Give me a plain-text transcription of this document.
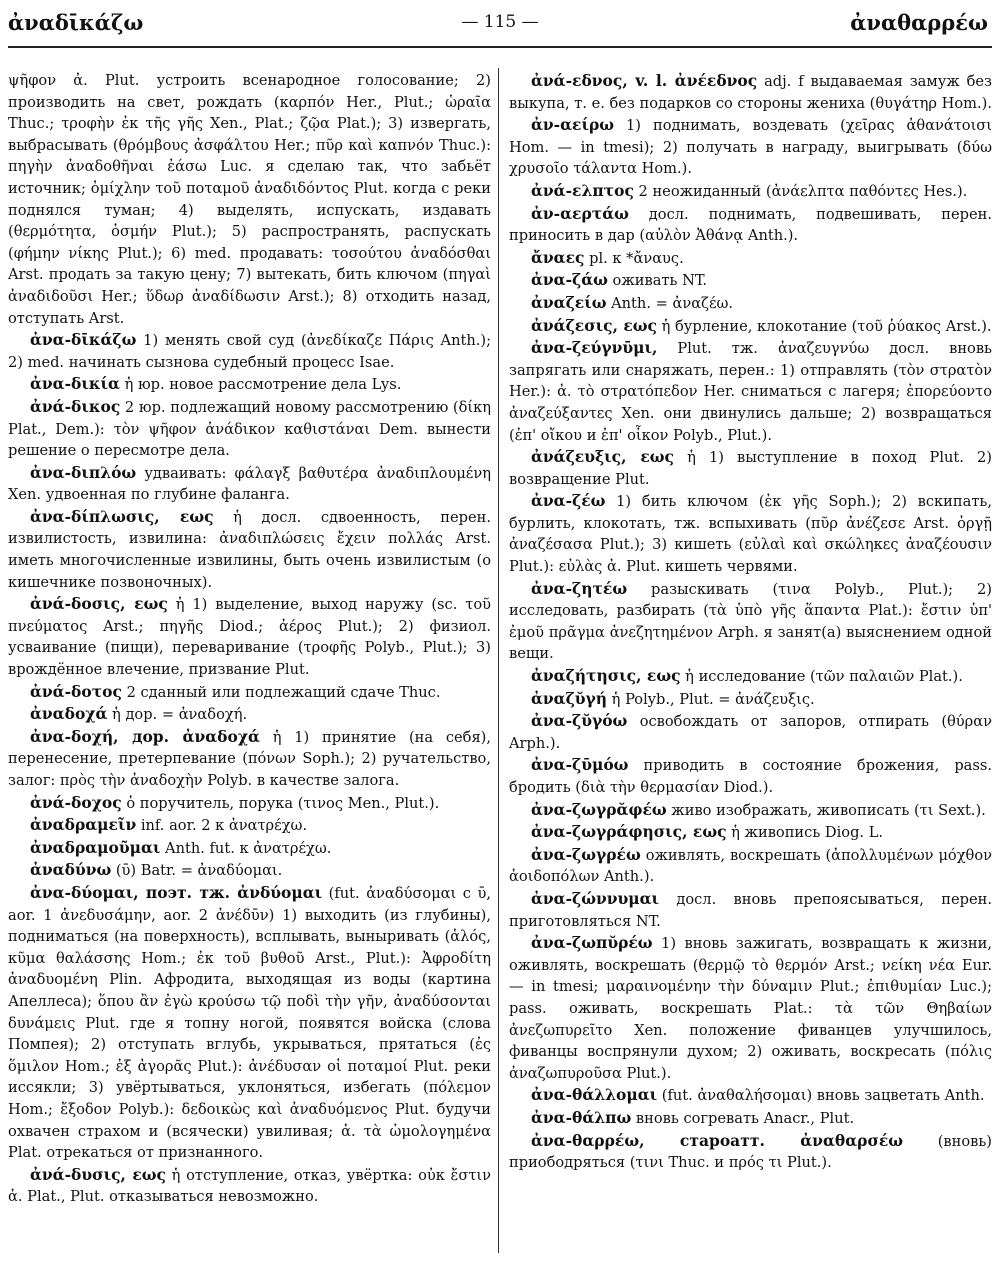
ἀναδῑκάζω	— 115 —	ἀναθαρρέω

ψῆφον ἀ. Plut. устроить всенародное голосование; 2) производить на свет, рождать (καρπόν Her., Plut.; ὡραῖα Thuc.; τροφὴν ἐκ τῆς γῆς Xen., Plat.; ζῷα Plat.); 3) извергать, выбрасывать (θρόμβους ἀσφάλτου Her.; πῦρ καὶ καπνόν Thuc.): πηγὴν ἀναδοθῆναι ἐάσω Luc. я сделаю так, что забьёт источник; ὁμίχλην τοῦ ποταμοῦ ἀναδιδόντος Plut. когда с реки поднялся туман; 4) выделять, испускать, издавать (θερμότητα, ὀσμήν Plut.); 5) распространять, распускать (φήμην νίκης Plut.); 6) med. продавать: τοσούτου ἀναδόσθαι Arst. продать за такую цену; 7) вытекать, бить ключом (πηγαὶ ἀναδιδοῦσι Her.; ὕδωρ ἀναδίδωσιν Arst.); 8) отходить назад, отступать Arst.

ἀνα-δῑκάζω 1) менять свой суд (ἀνεδίκαζε Πάρις Anth.); 2) med. начинать сызнова судебный процесс Isae.

ἀνα-δικία ἡ юр. новое рассмотрение дела Lys.

ἀνά-δικος 2 юр. подлежащий новому рассмотрению (δίκη Plat., Dem.): τὸν ψῆφον ἀνάδικον καθιστάναι Dem. вынести решение о пересмотре дела.

ἀνα-διπλόω удваивать: φάλαγξ βαθυτέρα ἀναδιπλουμένη Xen. удвоенная по глубине фаланга.

ἀνα-δίπλωσις, εως ἡ досл. сдвоенность, перен. извилистость, извилина: ἀναδιπλώσεις ἔχειν πολλάς Arst. иметь многочисленные извилины, быть очень извилистым (о кишечнике позвоночных).

ἀνά-δοσις, εως ἡ 1) выделение, выход наружу (sc. τοῦ πνεύματος Arst.; πηγῆς Diod.; ἀέρος Plut.); 2) физиол. усваивание (пищи), переваривание (τροφῆς Polyb., Plut.); 3) врождённое влечение, призвание Plut.

ἀνά-δοτος 2 сданный или подлежащий сдаче Thuc.

ἀναδοχά ἡ дор. = ἀναδοχή.

ἀνα-δοχή, дор. ἀναδοχά ἡ 1) принятие (на себя), перенесение, претерпевание (πόνων Soph.); 2) ручательство, залог: πρὸς τὴν ἀναδοχὴν Polyb. в качестве залога.

ἀνά-δοχος ὁ поручитель, порука (τινος Men., Plut.).

ἀναδραμεῖν inf. aor. 2 к ἀνατρέχω.

ἀναδραμοῦμαι Anth. fut. к ἀνατρέχω.

ἀναδύνω (ῡ) Batr. = ἀναδύομαι.

ἀνα-δύομαι, поэт. тж. ἀνδύομαι (fut. ἀναδύσομαι с ῡ, aor. 1 ἀνεδυσάμην, aor. 2 ἀνέδῡν) 1) выходить (из глубины), подниматься (на поверхность), всплывать, выныривать (ἁλός, κῦμα θαλάσσης Hom.; ἐκ τοῦ βυθοῦ Arst., Plut.): Ἀφροδίτη ἀναδυομένη Plin. Афродита, выходящая из воды (картина Апеллеса); ὅπου ἂν ἐγὼ κρούσω τῷ ποδὶ τὴν γῆν, ἀναδύσονται δυνάμεις Plut. где я топну ногой, появятся войска (слова Помпея); 2) отступать вглубь, укрываться, прятаться (ἐς ὅμιλον Hom.; ἐξ ἀγορᾶς Plut.): ἀνέδυσαν οἱ ποταμοί Plut. реки иссякли; 3) увёртываться, уклоняться, избегать (πόλεμον Hom.; ἔξοδον Polyb.): δεδοικὼς καὶ ἀναδυόμενος Plut. будучи охвачен страхом и (всячески) увиливая; ἀ. τὰ ὡμολογημένα Plat. отрекаться от признанного.

ἀνά-δυσις, εως ἡ отступление, отказ, увёртка: οὐκ ἔστιν ἀ. Plat., Plut. отказываться невозможно.

ἀνά-εδνος, v. l. ἀνέεδνος adj. f выдаваемая замуж без выкупа, т. е. без подарков со стороны жениха (θυγάτηρ Hom.).

ἀν-αείρω 1) поднимать, воздевать (χεῖρας ἀθανάτοισι Hom. — in tmesi); 2) получать в награду, выигрывать (δύω χρυσοῖο τάλαντα Hom.).

ἀνά-ελπτος 2 неожиданный (ἀνάελπτα παθόντες Hes.).

ἀν-αερτάω досл. поднимать, подвешивать, перен. приносить в дар (αὐλὸν Ἀθάνᾳ Anth.).

ἄναες pl. к *ἄναυς.

ἀνα-ζάω оживать NT.

ἀναζείω Anth. = ἀναζέω.

ἀνάζεσις, εως ἡ бурление, клокотание (τοῦ ῥύακος Arst.).

ἀνα-ζεύγνῡμι, Plut. тж. ἀναζευγνύω досл. вновь запрягать или снаряжать, перен.: 1) отправлять (τὸν στρατὸν Her.): ἀ. τὸ στρατόπεδον Her. сниматься с лагеря; ἐπορεύοντο ἀναζεύξαντες Xen. они двинулись дальше; 2) возвращаться (ἐπ' οἴκου и ἐπ' οἶκον Polyb., Plut.).

ἀνάζευξις, εως ἡ 1) выступление в поход Plut. 2) возвращение Plut.

ἀνα-ζέω 1) бить ключом (ἐκ γῆς Soph.); 2) вскипать, бурлить, клокотать, тж. вспыхивать (πῦρ ἀνέζεσε Arst. ὀργῇ ἀναζέσασα Plut.); 3) кишеть (εὐλαὶ καὶ σκώληκες ἀναζέουσιν Plut.): εὐλὰς ἀ. Plut. кишеть червями.

ἀνα-ζητέω разыскивать (τινα Polyb., Plut.); 2) исследовать, разбирать (τὰ ὑπὸ γῆς ἅπαντα Plat.): ἔστιν ὑπ' ἐμοῦ πρᾶγμα ἀνεζητημένον Arph. я занят(а) выяснением одной вещи.

ἀναζήτησις, εως ἡ исследование (τῶν παλαιῶν Plat.).

ἀναζῠγή ἡ Polyb., Plut. = ἀνάζευξις.

ἀνα-ζῠγόω освобождать от запоров, отпирать (θύραν Arph.).

ἀνα-ζῡμόω приводить в состояние брожения, pass. бродить (διὰ τὴν θερμασίαν Diod.).

ἀνα-ζωγρᾰφέω живо изображать, живописать (τι Sext.).

ἀνα-ζωγράφησις, εως ἡ живопись Diog. L.

ἀνα-ζωγρέω оживлять, воскрешать (ἀπολλυμένων μόχθον ἀοιδοπόλων Anth.).

ἀνα-ζώννυμαι досл. вновь препоясываться, перен. приготовляться NT.

ἀνα-ζωπῠρέω 1) вновь зажигать, возвращать к жизни, оживлять, воскрешать (θερμῷ τὸ θερμόν Arst.; νείκη νέα Eur. — in tmesi; μαραινομένην τὴν δύναμιν Plut.; ἐπιθυμίαν Luc.); pass. оживать, воскрешать Plat.: τὰ τῶν Θηβαίων ἀνεζωπυρεῖτο Xen. положение фиванцев улучшилось, фиванцы воспрянули духом; 2) оживать, воскресать (πόλις ἀναζωπυροῦσα Plut.).

ἀνα-θάλλομαι (fut. ἀναθαλήσομαι) вновь зацветать Anth.

ἀνα-θάλπω вновь согревать Anacr., Plut.

ἀνα-θαρρέω, староатт. ἀναθαρσέω (вновь) приободряться (τινι Thuc. и πρός τι Plut.).
